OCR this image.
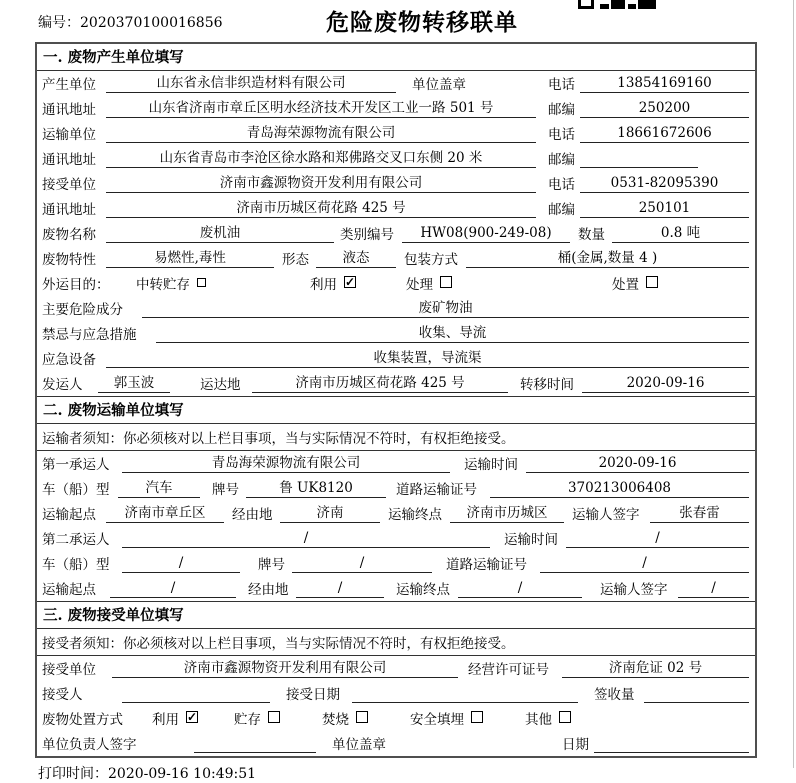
编号：2020370100016856	危险废物转移联单
一. 废物产生单位填写
产生单位	山东省永信非织造材料有限公司	单位盖章	电话	13854169160
通讯地址	山东省济南市章丘区明水经济技术开发区工业一路 501 号	邮编	250200
运输单位	青岛海荣源物流有限公司	电话	18661672606
通讯地址	山东省青岛市李沧区徐水路和郑佛路交叉口东侧 20 米	邮编
接受单位	济南市鑫源物资开发利用有限公司	电话	0531-82095390
通讯地址	济南市历城区荷花路 425 号	邮编	250101
废物名称	废机油	类别编号	HW08(900-249-08)	数量	0.8 吨
废物特性	易燃性,毒性	形态	液态	包装方式	桶(金属,数量 4 )
外运目的：	中转贮存	利用 ✓	处理	处置
主要危险成分	废矿物油
禁忌与应急措施	收集、导流
应急设备	收集装置，导流渠
发运人	郭玉波	运达地	济南市历城区荷花路 425 号	转移时间	2020-09-16
二. 废物运输单位填写
运输者须知：你必须核对以上栏目事项，当与实际情况不符时，有权拒绝接受。
第一承运人	青岛海荣源物流有限公司	运输时间	2020-09-16
车（船）型	汽车	牌号	鲁 UK8120	道路运输证号	370213006408
运输起点	济南市章丘区	经由地	济南	运输终点	济南市历城区	运输人签字	张春雷
第二承运人	/	运输时间	/
车（船）型	/	牌号	/	道路运输证号	/
运输起点	/	经由地	/	运输终点	/	运输人签字	/
三. 废物接受单位填写
接受者须知：你必须核对以上栏目事项，当与实际情况不符时，有权拒绝接受。
接受单位	济南市鑫源物资开发利用有限公司	经营许可证号	济南危证 02 号
接受人	接受日期	签收量
废物处置方式	利用 ✓	贮存	焚烧	安全填埋	其他
单位负责人签字	单位盖章	日期
打印时间：2020-09-16 10:49:51
